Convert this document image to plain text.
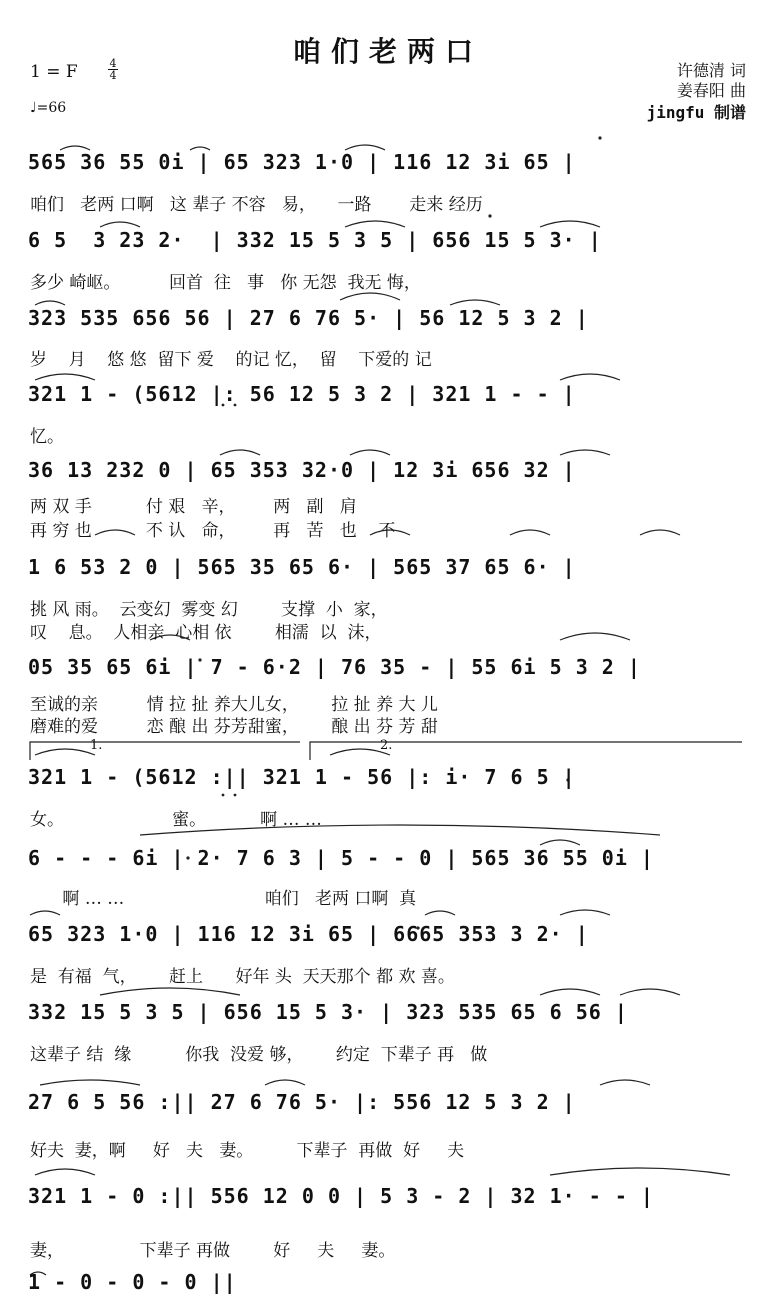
咱们老两口
1 = F	4
4
♩=66
许德清 词
姜春阳 曲
jingfu 制谱
1.	2.
565 36 55 0i | 65 323 1·0 | 116 12 3i 65 |
咱们   老两 口啊   这 辈子 不容   易，    一路       走来 经历
6 5  3 23 2·  | 332 15 5 3 5 | 656 15 5 3· |
多少 崎岖。         回首  往   事   你 无怨  我无 悔，
323 535 656 56 | 27 6 76 5· | 56 12 5 3 2 |
岁    月    悠 悠  留下 爱    的记 忆，  留    下爱的 记
321 1 - (5612 |: 56 12 5 3 2 | 321 1 - - |
忆。
36 13 232 0 | 65 353 32·0 | 12 3i 656 32 |
两 双 手          付 艰   辛，       两   副   肩
再 穷 也          不 认   命，       再   苦   也    不
1 6 53 2 0 | 565 35 65 6· | 565 37 65 6· |
挑 风 雨。  云变幻  雾变 幻        支撑  小  家，
叹    息。  人相亲  心相 依        相濡  以  沫，
05 35 65 6i | 7 - 6·2 | 76 35 - | 55 6i 5 3 2 |
至诚的亲         情 拉 扯 养大儿女，      拉 扯 养 大 儿
磨难的爱         恋 酿 出 芬芳甜蜜，      酿 出 芬 芳 甜
321 1 - (5612 :|| 321 1 - 56 |: i· 7 6 5 |
女。                    蜜。          啊 … …
6 - - - 6i | 2· 7 6 3 | 5 - - 0 | 565 36 55 0i |
啊 … …                          咱们   老两 口啊  真
65 323 1·0 | 116 12 3i 65 | 6665 353 3 2· |
是  有福  气，      赶上      好年 头  天天那个 都 欢 喜。
332 15 5 3 5 | 656 15 5 3· | 323 535 65 6 56 |
这辈子 结  缘          你我  没爱 够，      约定  下辈子 再   做
27 6 5 56 :|| 27 6 76 5· |: 556 12 5 3 2 |
好夫  妻，啊     好   夫   妻。        下辈子  再做  好     夫
321 1 - 0 :|| 556 12 0 0 | 5 3 - 2 | 32 1· - - |
妻，              下辈子 再做        好     夫     妻。
1 - 0 - 0 - 0 ||
